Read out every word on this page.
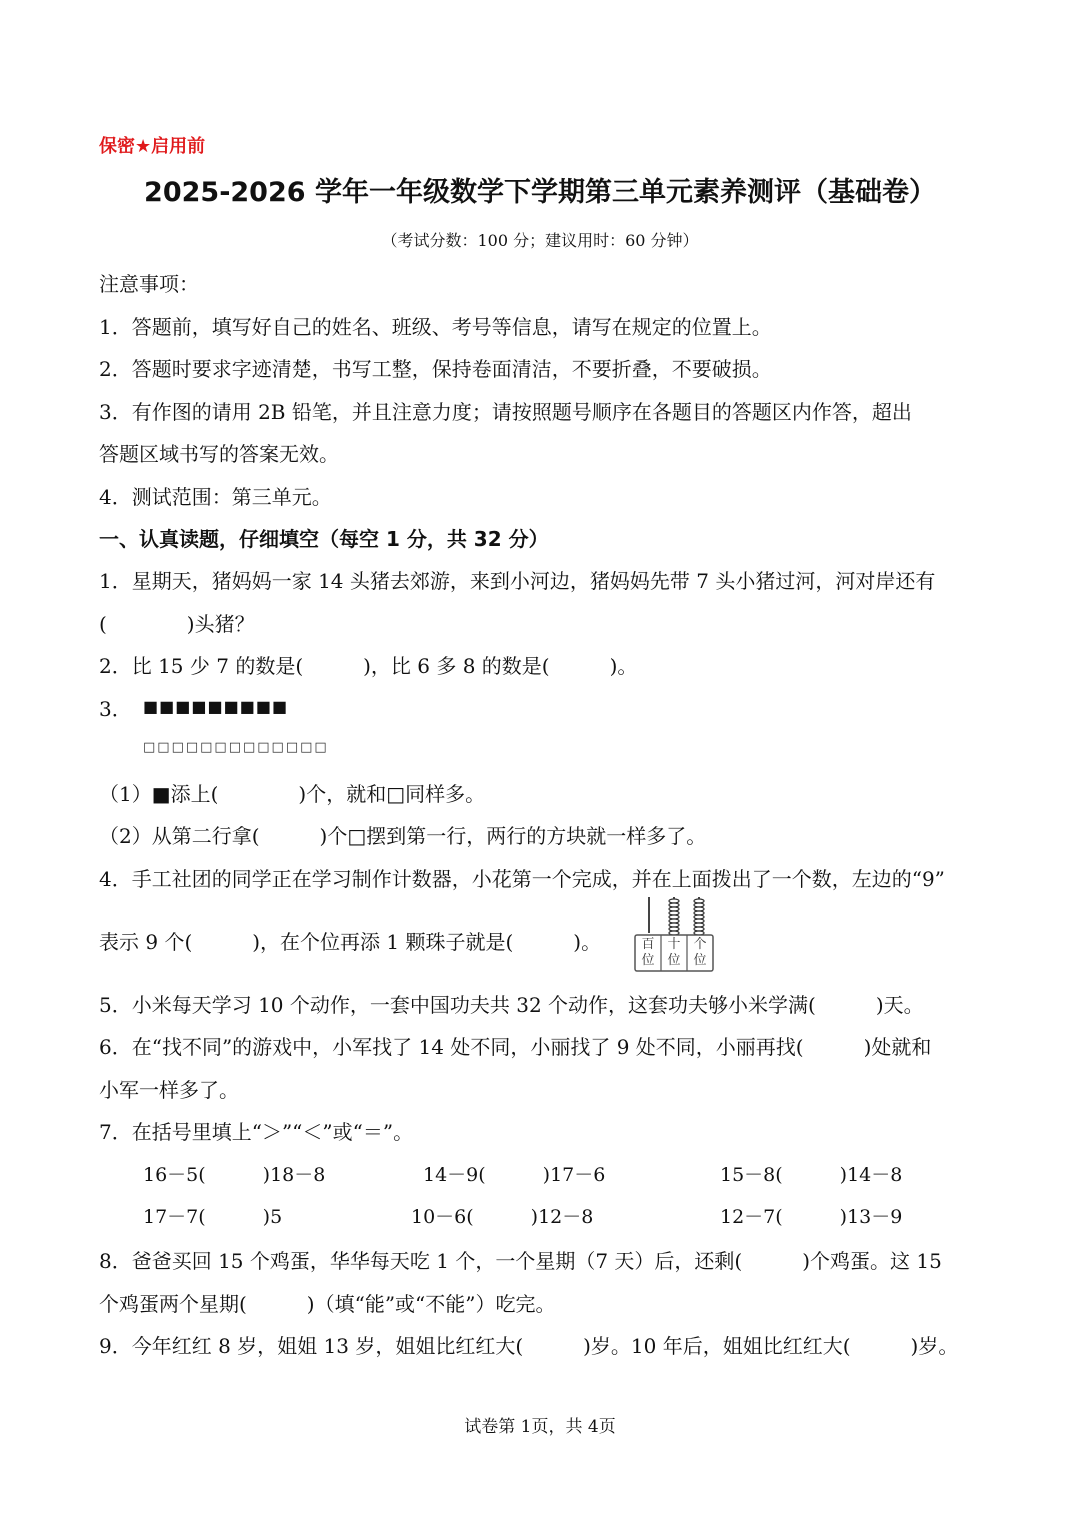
保密★启用前
2025-2026 学年一年级数学下学期第三单元素养测评（基础卷）
（考试分数：100 分；建议用时：60 分钟）
注意事项：
1．答题前，填写好自己的姓名、班级、考号等信息，请写在规定的位置上。
2．答题时要求字迹清楚，书写工整，保持卷面清洁，不要折叠，不要破损。
3．有作图的请用 2B 铅笔，并且注意力度；请按照题号顺序在各题目的答题区内作答，超出
答题区域书写的答案无效。
4．测试范围：第三单元。
一、认真读题，仔细填空（每空 1 分，共 32 分）
1．星期天，猪妈妈一家 14 头猪去郊游，来到小河边，猪妈妈先带 7 头小猪过河，河对岸还有
(　　　　)头猪？
2．比 15 少 7 的数是(　　　)，比 6 多 8 的数是(　　　)。
3． ■■■■■■■■■
□□□□□□□□□□□□□
（1）■添上(　　　　)个，就和□同样多。
（2）从第二行拿(　　　)个□摆到第一行，两行的方块就一样多了。
4．手工社团的同学正在学习制作计数器，小花第一个完成，并在上面拨出了一个数，左边的“9”
表示 9 个(　　　)，在个位再添 1 颗珠子就是(　　　)。	百位
十位
个位
5．小米每天学习 10 个动作，一套中国功夫共 32 个动作，这套功夫够小米学满(　　　)天。
6．在“找不同”的游戏中，小军找了 14 处不同，小丽找了 9 处不同，小丽再找(　　　)处就和
小军一样多了。
7．在括号里填上“＞”“＜”或“＝”。
16－5(　　　)18－8	14－9(　　　)17－6	15－8(　　　)14－8
17－7(　　　)5	10－6(　　　)12－8	12－7(　　　)13－9
8．爸爸买回 15 个鸡蛋，华华每天吃 1 个，一个星期（7 天）后，还剩(　　　)个鸡蛋。这 15
个鸡蛋两个星期(　　　)（填“能”或“不能”）吃完。
9．今年红红 8 岁，姐姐 13 岁，姐姐比红红大(　　　)岁。10 年后，姐姐比红红大(　　　)岁。
试卷第 1页，共 4页
